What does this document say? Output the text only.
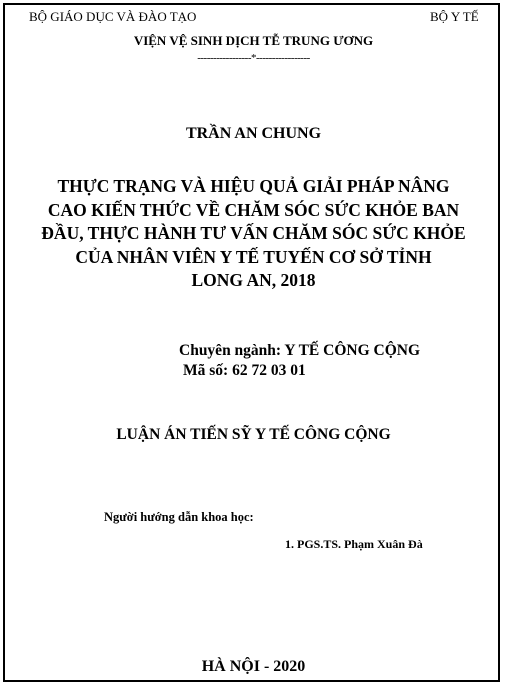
BỘ GIÁO DỤC VÀ ĐÀO TẠO	BỘ Y TẾ
VIỆN VỆ SINH DỊCH TỄ TRUNG ƯƠNG
-----------------*-----------------
TRẦN AN CHUNG
THỰC TRẠNG VÀ HIỆU QUẢ GIẢI PHÁP NÂNG
CAO KIẾN THỨC VỀ CHĂM SÓC SỨC KHỎE BAN
ĐẦU, THỰC HÀNH TƯ VẤN CHĂM SÓC SỨC KHỎE
CỦA NHÂN VIÊN Y TẾ TUYẾN CƠ SỞ TỈNH
LONG AN, 2018
Chuyên ngành: Y TẾ CÔNG CỘNG
Mã số: 62 72 03 01
LUẬN ÁN TIẾN SỸ Y TẾ CÔNG CỘNG
Người hướng dẫn khoa học:
1. PGS.TS. Phạm Xuân Đà
HÀ NỘI - 2020
